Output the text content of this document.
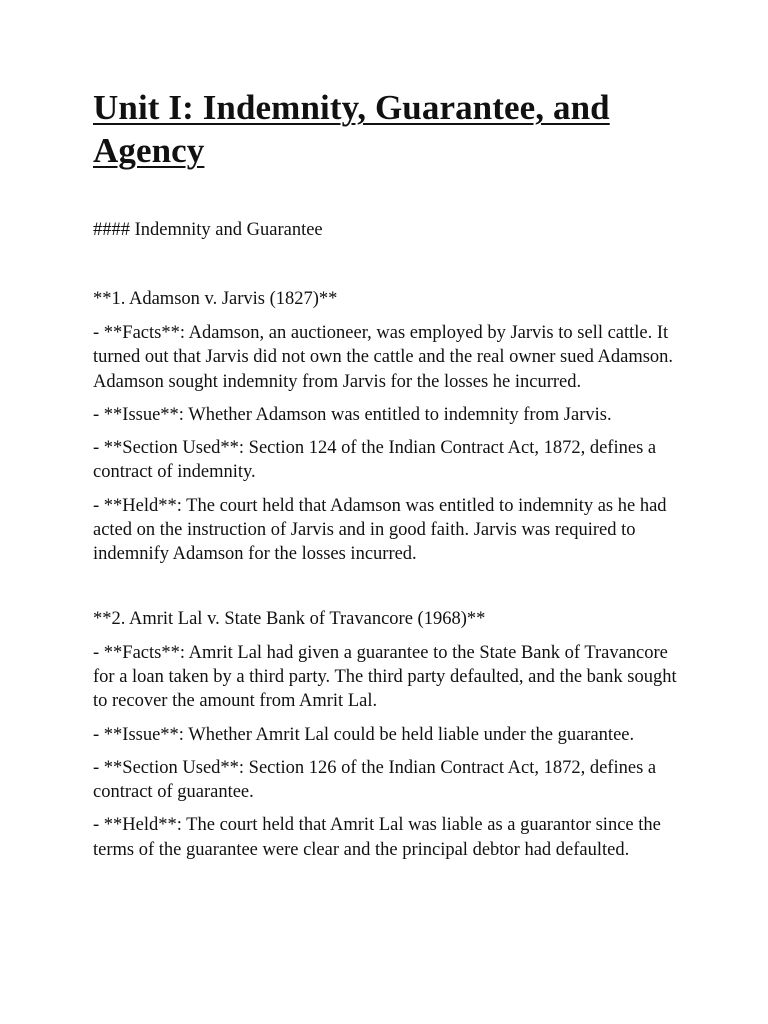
Unit I: Indemnity, Guarantee, and Agency
#### Indemnity and Guarantee
**1. Adamson v. Jarvis (1827)**

- **Facts**: Adamson, an auctioneer, was employed by Jarvis to sell cattle. It turned out that Jarvis did not own the cattle and the real owner sued Adamson. Adamson sought indemnity from Jarvis for the losses he incurred.

- **Issue**: Whether Adamson was entitled to indemnity from Jarvis.

- **Section Used**: Section 124 of the Indian Contract Act, 1872, defines a contract of indemnity.

- **Held**: The court held that Adamson was entitled to indemnity as he had acted on the instruction of Jarvis and in good faith. Jarvis was required to indemnify Adamson for the losses incurred.

**2. Amrit Lal v. State Bank of Travancore (1968)**

- **Facts**: Amrit Lal had given a guarantee to the State Bank of Travancore for a loan taken by a third party. The third party defaulted, and the bank sought to recover the amount from Amrit Lal.

- **Issue**: Whether Amrit Lal could be held liable under the guarantee.

- **Section Used**: Section 126 of the Indian Contract Act, 1872, defines a contract of guarantee.

- **Held**: The court held that Amrit Lal was liable as a guarantor since the terms of the guarantee were clear and the principal debtor had defaulted.
